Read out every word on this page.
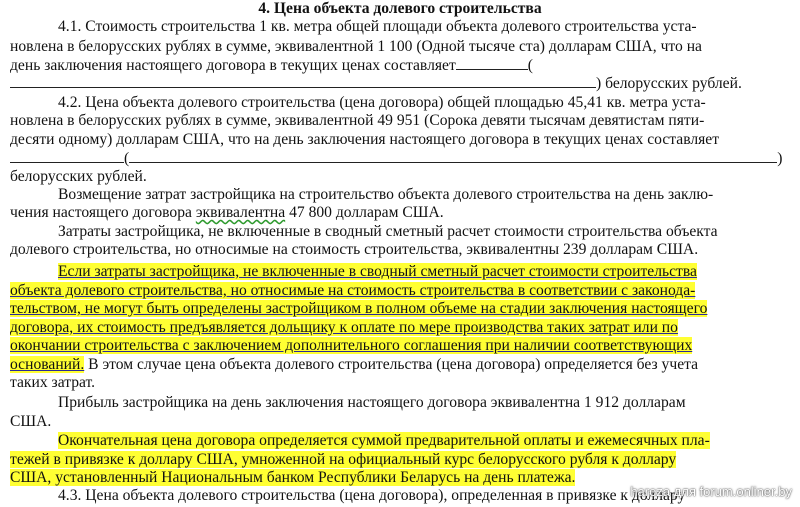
4. Цена объекта долевого строительства
4.1. Стоимость строительства 1 кв. метра общей площади объекта долевого строительства уста-
новлена в белорусских рублях в сумме, эквивалентной 1 100 (Одной тысяче ста) долларам США, что на
день заключения настоящего договора в текущих ценах составляет	(
) белорусских рублей.
4.2. Цена объекта долевого строительства (цена договора) общей площадью 45,41 кв. метра уста-
новлена в белорусских рублях в сумме, эквивалентной 49 951 (Сорока девяти тысячам девятистам пяти-
десяти одному) долларам США, что на день заключения настоящего договора в текущих ценах составляет
(	)
белорусских рублей.
Возмещение затрат застройщика на строительство объекта долевого строительства на день заклю-
чения настоящего договора эквивалентна 47 800 долларам США.
Затраты застройщика, не включенные в сводный сметный расчет стоимости строительства объекта
долевого строительства, но относимые на стоимость строительства, эквивалентны 239 долларам США.
Если затраты застройщика, не включенные в сводный сметный расчет стоимости строительства
объекта долевого строительства, но относимые на стоимость строительства в соответствии с законода-
тельством, не могут быть определены застройщиком в полном объеме на стадии заключения настоящего
договора, их стоимость предъявляется дольщику к оплате по мере производства таких затрат или по
окончании строительства с заключением дополнительного соглашения при наличии соответствующих
оснований. В этом случае цена объекта долевого строительства (цена договора) определяется без учета
таких затрат.
Прибыль застройщика на день заключения настоящего договора эквивалентна 1 912 долларам
США.
Окончательная цена договора определяется суммой предварительной оплаты и ежемесячных пла-
тежей в привязке к доллару США, умноженной на официальный курс белорусского рубля к доллару
США, установленный Национальным банком Республики Беларусь на день платежа.
4.3. Цена объекта долевого строительства (цена договора), определенная в привязке к доллару
hareza для forum.onliner.by
